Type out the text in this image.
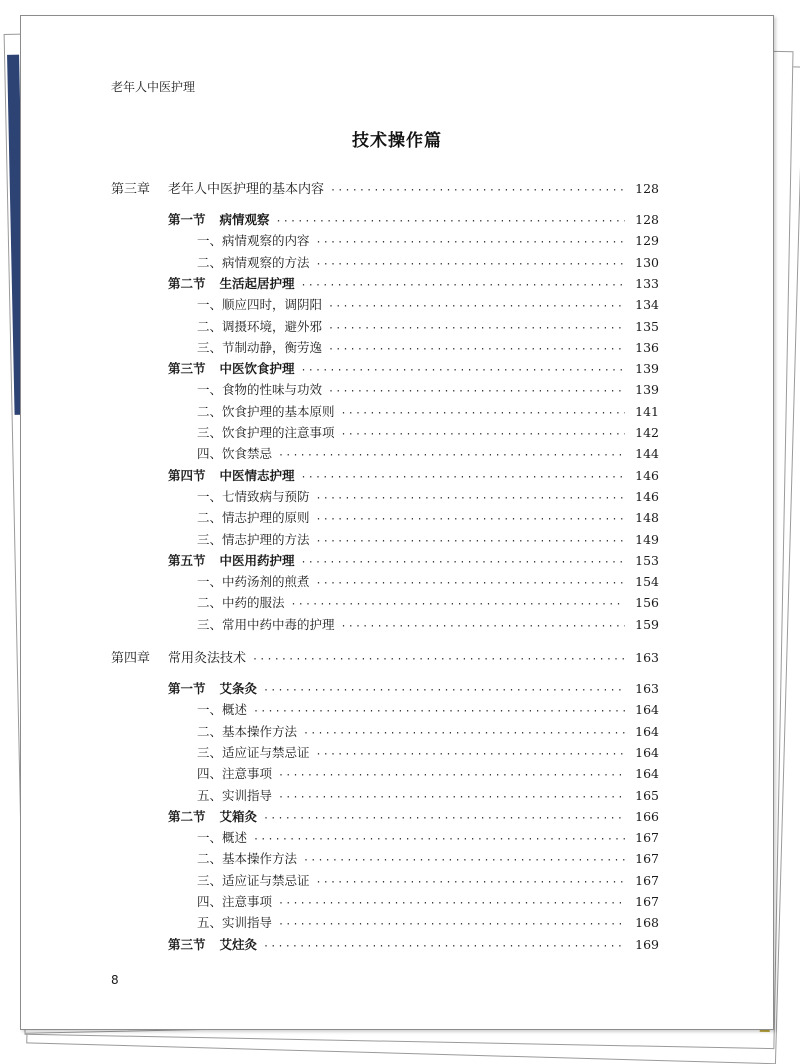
老年人中医护理
技术操作篇
第三章 老年人中医护理的基本内容 ·····	128
第一节 病情观察 ·····	128
一、病情观察的内容 ·····	129
二、病情观察的方法 ·····	130
第二节 生活起居护理 ·····	133
一、顺应四时，调阴阳 ·····	134
二、调摄环境，避外邪 ·····	135
三、节制动静，衡劳逸 ·····	136
第三节 中医饮食护理 ·····	139
一、食物的性味与功效 ·····	139
二、饮食护理的基本原则 ·····	141
三、饮食护理的注意事项 ·····	142
四、饮食禁忌 ·····	144
第四节 中医情志护理 ·····	146
一、七情致病与预防 ·····	146
二、情志护理的原则 ·····	148
三、情志护理的方法 ·····	149
第五节 中医用药护理 ·····	153
一、中药汤剂的煎煮 ·····	154
二、中药的服法 ·····	156
三、常用中药中毒的护理 ·····	159
第四章 常用灸法技术 ·····	163
第一节 艾条灸 ·····	163
一、概述 ·····	164
二、基本操作方法 ·····	164
三、适应证与禁忌证 ·····	164
四、注意事项 ·····	164
五、实训指导 ·····	165
第二节 艾箱灸 ·····	166
一、概述 ·····	167
二、基本操作方法 ·····	167
三、适应证与禁忌证 ·····	167
四、注意事项 ·····	167
五、实训指导 ·····	168
第三节 艾炷灸 ·····	169
8
